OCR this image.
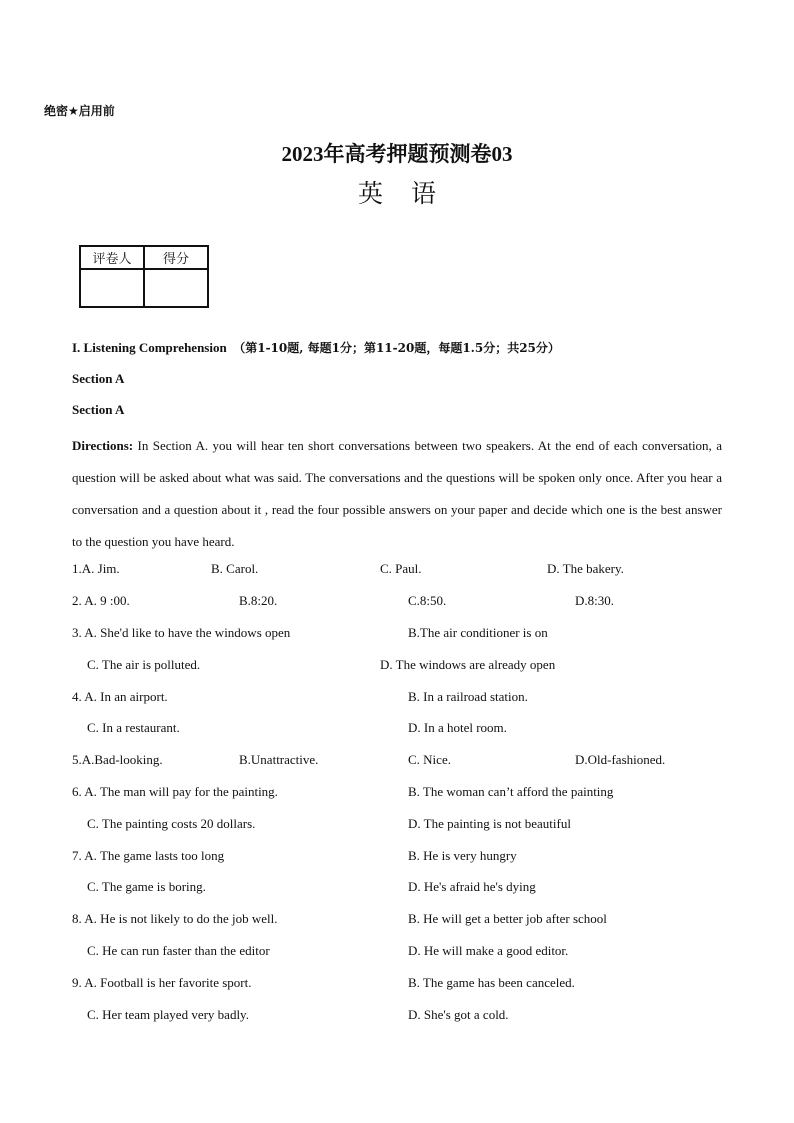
绝密★启用前
2023年高考押题预测卷03
英 语
评卷人	得分

I. Listening Comprehension （第1-10题, 每题1分；第11-20题，每题1.5分；共25分）
Section A
Section A
Directions: In Section A. you will hear ten short conversations between two speakers. At the end of each conversation, a question will be asked about what was said. The conversations and the questions will be spoken only once. After you hear a conversation and a question about it , read the four possible answers on your paper and decide which one is the best answer to the question you have heard.
1.A. Jim.	B. Carol.	C. Paul.	D. The bakery.
2. A. 9 :00.	B.8:20.	C.8:50.	D.8:30.
3. A. She'd like to have the windows open	B.The air conditioner is on
C. The air is polluted.	D. The windows are already open
4. A. In an airport.	B. In a railroad station.
C. In a restaurant.	D. In a hotel room.
5.A.Bad-looking.	B.Unattractive.	C. Nice.	D.Old-fashioned.
6. A. The man will pay for the painting.	B. The woman can’t afford the painting
C. The painting costs 20 dollars.	D. The painting is not beautiful
7. A. The game lasts too long	B. He is very hungry
C. The game is boring.	D. He's afraid he's dying
8. A. He is not likely to do the job well.	B. He will get a better job after school
C. He can run faster than the editor	D. He will make a good editor.
9. A. Football is her favorite sport.	B. The game has been canceled.
C. Her team played very badly.	D. She's got a cold.
